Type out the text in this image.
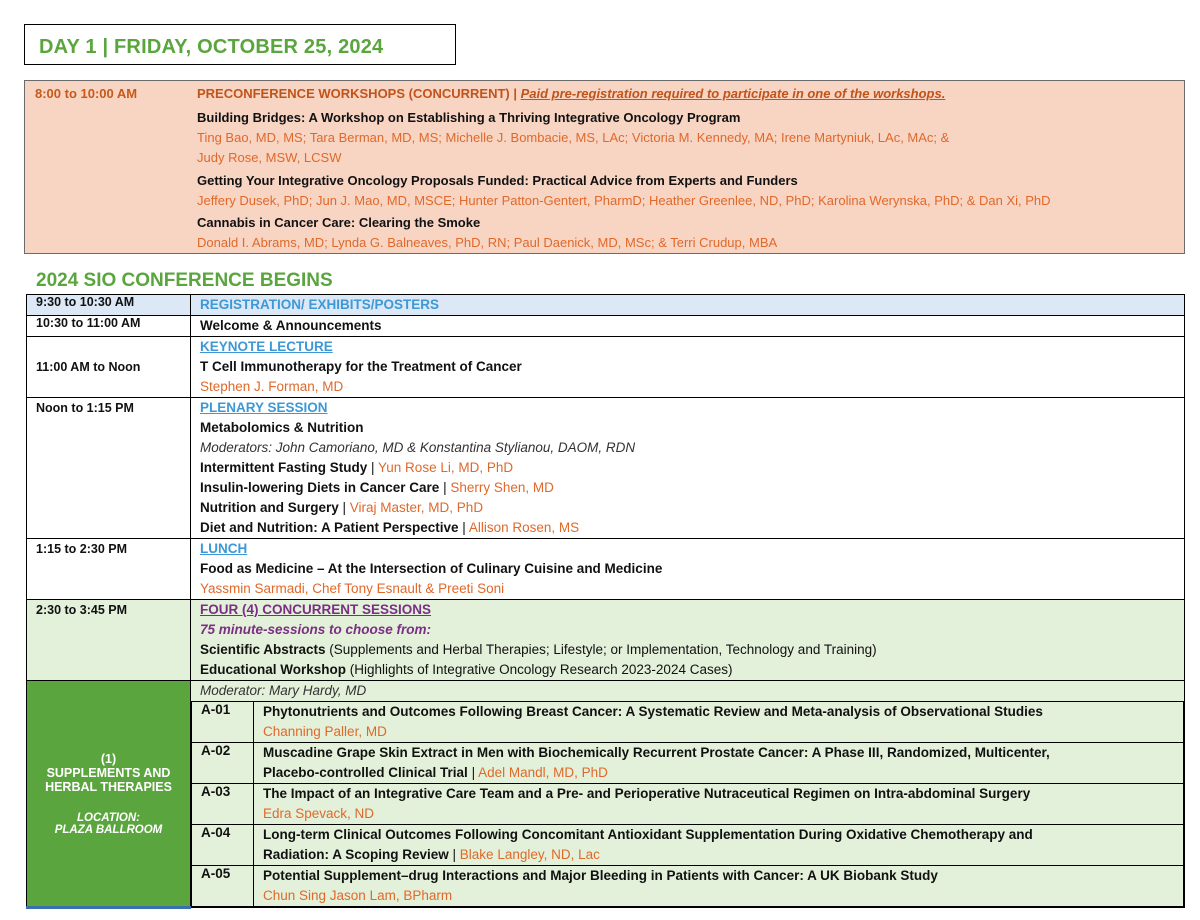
DAY 1 | FRIDAY, OCTOBER 25, 2024
8:00 to 10:00 AM	PRECONFERENCE WORKSHOPS (CONCURRENT) | Paid pre-registration required to participate in one of the workshops.
Building Bridges: A Workshop on Establishing a Thriving Integrative Oncology Program
Ting Bao, MD, MS; Tara Berman, MD, MS; Michelle J. Bombacie, MS, LAc; Victoria M. Kennedy, MA; Irene Martyniuk, LAc, MAc; &
Judy Rose, MSW, LCSW
Getting Your Integrative Oncology Proposals Funded: Practical Advice from Experts and Funders
Jeffery Dusek, PhD; Jun J. Mao, MD, MSCE; Hunter Patton-Gentert, PharmD; Heather Greenlee, ND, PhD; Karolina Werynska, PhD; & Dan Xi, PhD
Cannabis in Cancer Care: Clearing the Smoke
Donald I. Abrams, MD; Lynda G. Balneaves, PhD, RN; Paul Daenick, MD, MSc; & Terri Crudup, MBA
2024 SIO CONFERENCE BEGINS
9:30 to 10:30 AM	REGISTRATION/ EXHIBITS/POSTERS

10:30 to 11:00 AM	Welcome & Announcements

11:00 AM to Noon	
KEYNOTE LECTURE
T Cell Immunotherapy for the Treatment of Cancer
Stephen J. Forman, MD

Noon to 1:15 PM	PLENARY SESSION
Metabolomics & Nutrition
Moderators: John Camoriano, MD & Konstantina Stylianou, DAOM, RDN
Intermittent Fasting Study | Yun Rose Li, MD, PhD
Insulin-lowering Diets in Cancer Care | Sherry Shen, MD
Nutrition and Surgery | Viraj Master, MD, PhD
Diet and Nutrition: A Patient Perspective | Allison Rosen, MS

1:15 to 2:30 PM	LUNCH
Food as Medicine – At the Intersection of Culinary Cuisine and Medicine
Yassmin Sarmadi, Chef Tony Esnault & Preeti Soni

2:30 to 3:45 PM	FOUR (4) CONCURRENT SESSIONS
75 minute-sessions to choose from:
Scientific Abstracts (Supplements and Herbal Therapies; Lifestyle; or Implementation, Technology and Training)
Educational Workshop (Highlights of Integrative Oncology Research 2023-2024 Cases)

(1)
SUPPLEMENTS AND
HERBAL THERAPIES
LOCATION:
PLAZA BALLROOM

Moderator: Mary Hardy, MD
A-01	Phytonutrients and Outcomes Following Breast Cancer: A Systematic Review and Meta-analysis of Observational Studies
Channing Paller, MD

A-02	Muscadine Grape Skin Extract in Men with Biochemically Recurrent Prostate Cancer: A Phase III, Randomized, Multicenter,
Placebo-controlled Clinical Trial | Adel Mandl, MD, PhD

A-03	The Impact of an Integrative Care Team and a Pre- and Perioperative Nutraceutical Regimen on Intra-abdominal Surgery
Edra Spevack, ND

A-04	Long-term Clinical Outcomes Following Concomitant Antioxidant Supplementation During Oxidative Chemotherapy and
Radiation: A Scoping Review | Blake Langley, ND, Lac

A-05	Potential Supplement–drug Interactions and Major Bleeding in Patients with Cancer: A UK Biobank Study
Chun Sing Jason Lam, BPharm
